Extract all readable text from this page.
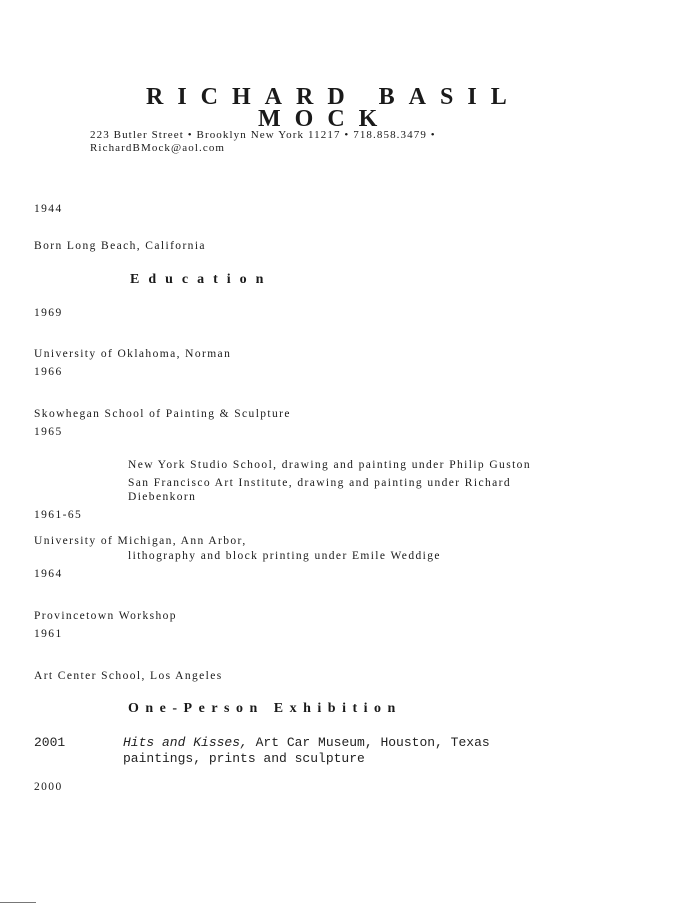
RICHARD BASIL
MOCK
223 Butler Street • Brooklyn New York 11217 • 718.858.3479 •
RichardBMock@aol.com
1944
Born Long Beach, California
Education
1969
University of Oklahoma, Norman
1966
Skowhegan School of Painting & Sculpture
1965
New York Studio School, drawing and painting under Philip Guston
San Francisco Art Institute, drawing and painting under Richard
Diebenkorn
1961-65
University of Michigan, Ann Arbor,
lithography and block printing under Emile Weddige
1964
Provincetown Workshop
1961
Art Center School, Los Angeles
One-Person Exhibition
2001	Hits and Kisses, Art Car Museum, Houston, Texas
paintings, prints and sculpture
2000
